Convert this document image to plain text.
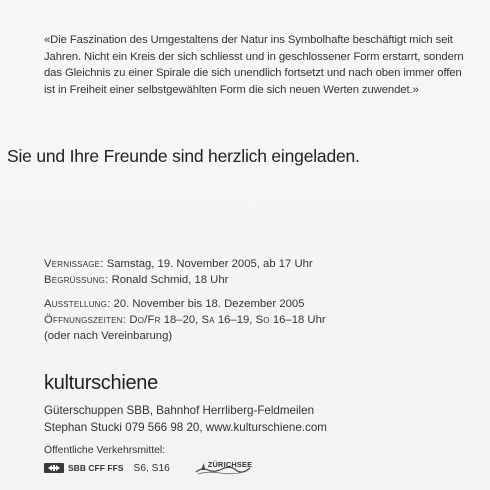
«Die Faszination des Umgestaltens der Natur ins Symbolhafte beschäftigt mich seit
Jahren. Nicht ein Kreis der sich schliesst und in geschlossener Form erstarrt, sondern
das Gleichnis zu einer Spirale die sich unendlich fortsetzt und nach oben immer offen
ist in Freiheit einer selbstgewählten Form die sich neuen Werten zuwendet.»
Sie und Ihre Freunde sind herzlich eingeladen.
Vernissage: Samstag, 19. November 2005, ab 17 Uhr
Begrüssung: Ronald Schmid, 18 Uhr
Ausstellung: 20. November bis 18. Dezember 2005
Öffnungszeiten: Do/Fr 18–20, Sa 16–19, So 16–18 Uhr
(oder nach Vereinbarung)
kulturschiene
Güterschuppen SBB, Bahnhof Herrliberg-Feldmeilen
Stephan Stucki 079 566 98 20, www.kulturschiene.com
Öffentliche Verkehrsmittel:
SBB CFF FFS S6, S16	ZÜRICHSEE
